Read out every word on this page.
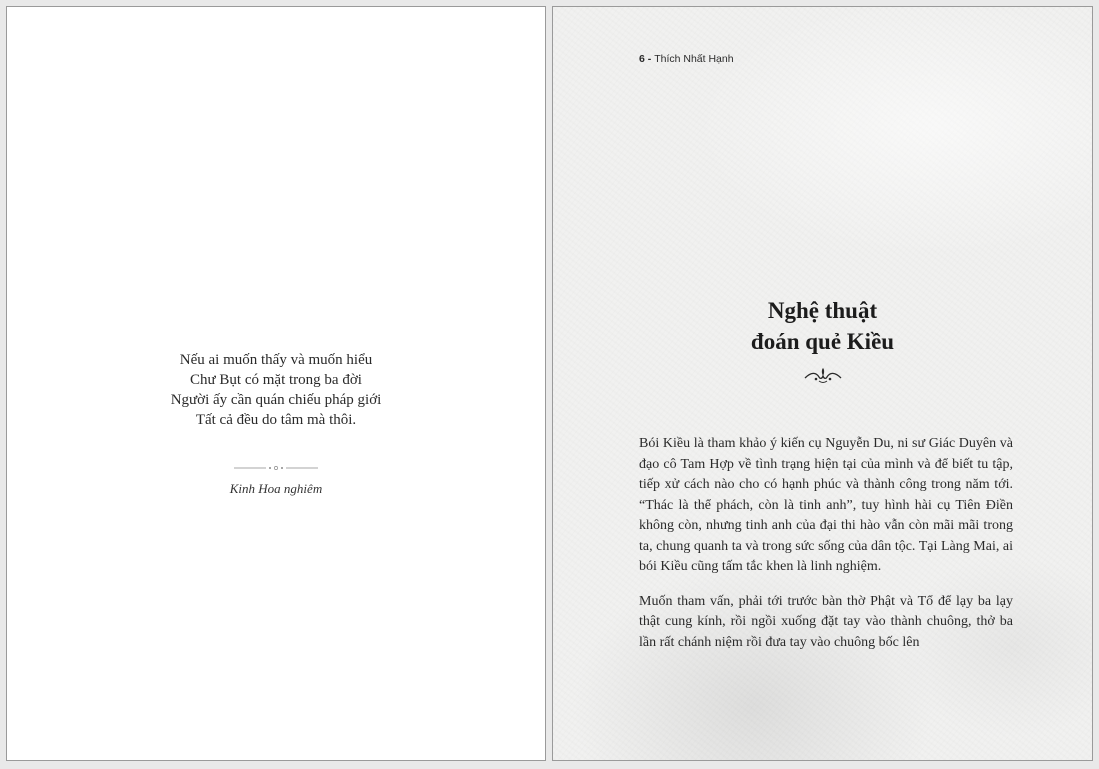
Nếu ai muốn thấy và muốn hiểu
Chư Bụt có mặt trong ba đời
Người ấy cần quán chiếu pháp giới
Tất cả đều do tâm mà thôi.
Kinh Hoa nghiêm
6 - Thích Nhất Hạnh
Nghệ thuật
đoán quẻ Kiều

Bói Kiều là tham khảo ý kiến cụ Nguyễn Du, ni sư Giác Duyên và đạo cô Tam Hợp về tình trạng hiện tại của mình và để biết tu tập, tiếp xử cách nào cho có hạnh phúc và thành công trong năm tới. “Thác là thể phách, còn là tinh anh”, tuy hình hài cụ Tiên Điền không còn, nhưng tinh anh của đại thi hào vẫn còn mãi mãi trong ta, chung quanh ta và trong sức sống của dân tộc. Tại Làng Mai, ai bói Kiều cũng tấm tắc khen là linh nghiệm.

Muốn tham vấn, phải tới trước bàn thờ Phật và Tổ để lạy ba lạy thật cung kính, rồi ngồi xuống đặt tay vào thành chuông, thở ba lần rất chánh niệm rồi đưa tay vào chuông bốc lên
